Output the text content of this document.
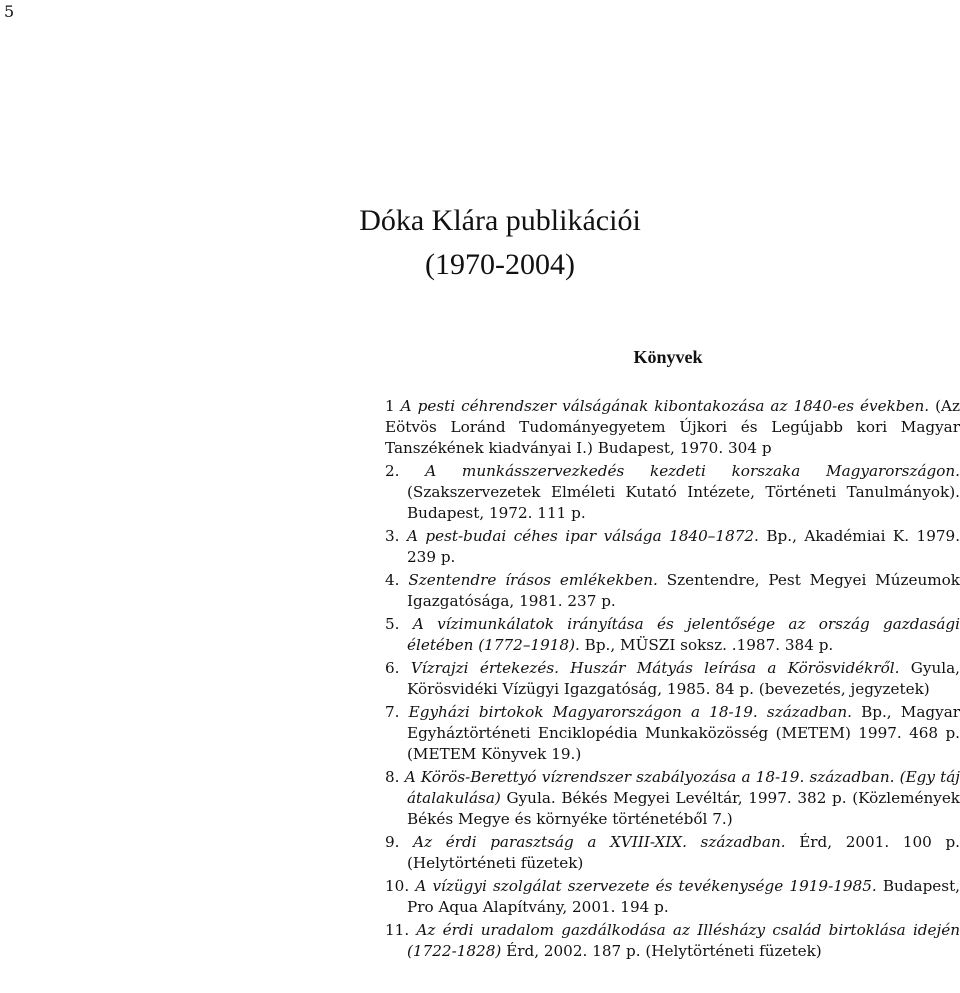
5
Dóka Klára publikációi
(1970-2004)
Könyvek

1 A pesti céhrendszer válságának kibontakozása az 1840-es években. (Az Eötvös Loránd Tudományegyetem Újkori és Legújabb kori Magyar Tanszékének kiadványai I.) Budapest, 1970. 304 p

2. A munkásszervezkedés kezdeti korszaka Magyarországon. (Szakszervezetek Elméleti Kutató Intézete, Történeti Tanulmányok). Budapest, 1972. 111 p.

3. A pest-budai céhes ipar válsága 1840–1872. Bp., Akadémiai K. 1979. 239 p.

4. Szentendre írásos emlékekben. Szentendre, Pest Megyei Múzeumok Igazgatósága, 1981. 237 p.

5. A vízimunkálatok irányítása és jelentősége az ország gazdasági életében (1772–1918). Bp., MÜSZI soksz. .1987. 384 p.

6. Vízrajzi értekezés. Huszár Mátyás leírása a Körösvidékről. Gyula, Körösvidéki Vízügyi Igazgatóság, 1985. 84 p. (bevezetés, jegyzetek)

7. Egyházi birtokok Magyarországon a 18-19. században. Bp., Magyar Egyháztörténeti Enciklopédia Munkaközösség (METEM) 1997. 468 p. (METEM Könyvek 19.)

8. A Körös-Berettyó vízrendszer szabályozása a 18-19. században. (Egy táj átalakulása) Gyula. Békés Megyei Levéltár, 1997. 382 p. (Közlemények Békés Megye és környéke történetéből 7.)

9. Az érdi parasztság a XVIII-XIX. században. Érd, 2001. 100 p. (Helytörténeti füzetek)

10. A vízügyi szolgálat szervezete és tevékenysége 1919-1985. Budapest, Pro Aqua Alapítvány, 2001. 194 p.

11. Az érdi uradalom gazdálkodása az Illésházy család birtoklása idején (1722-1828) Érd, 2002. 187 p. (Helytörténeti füzetek)
